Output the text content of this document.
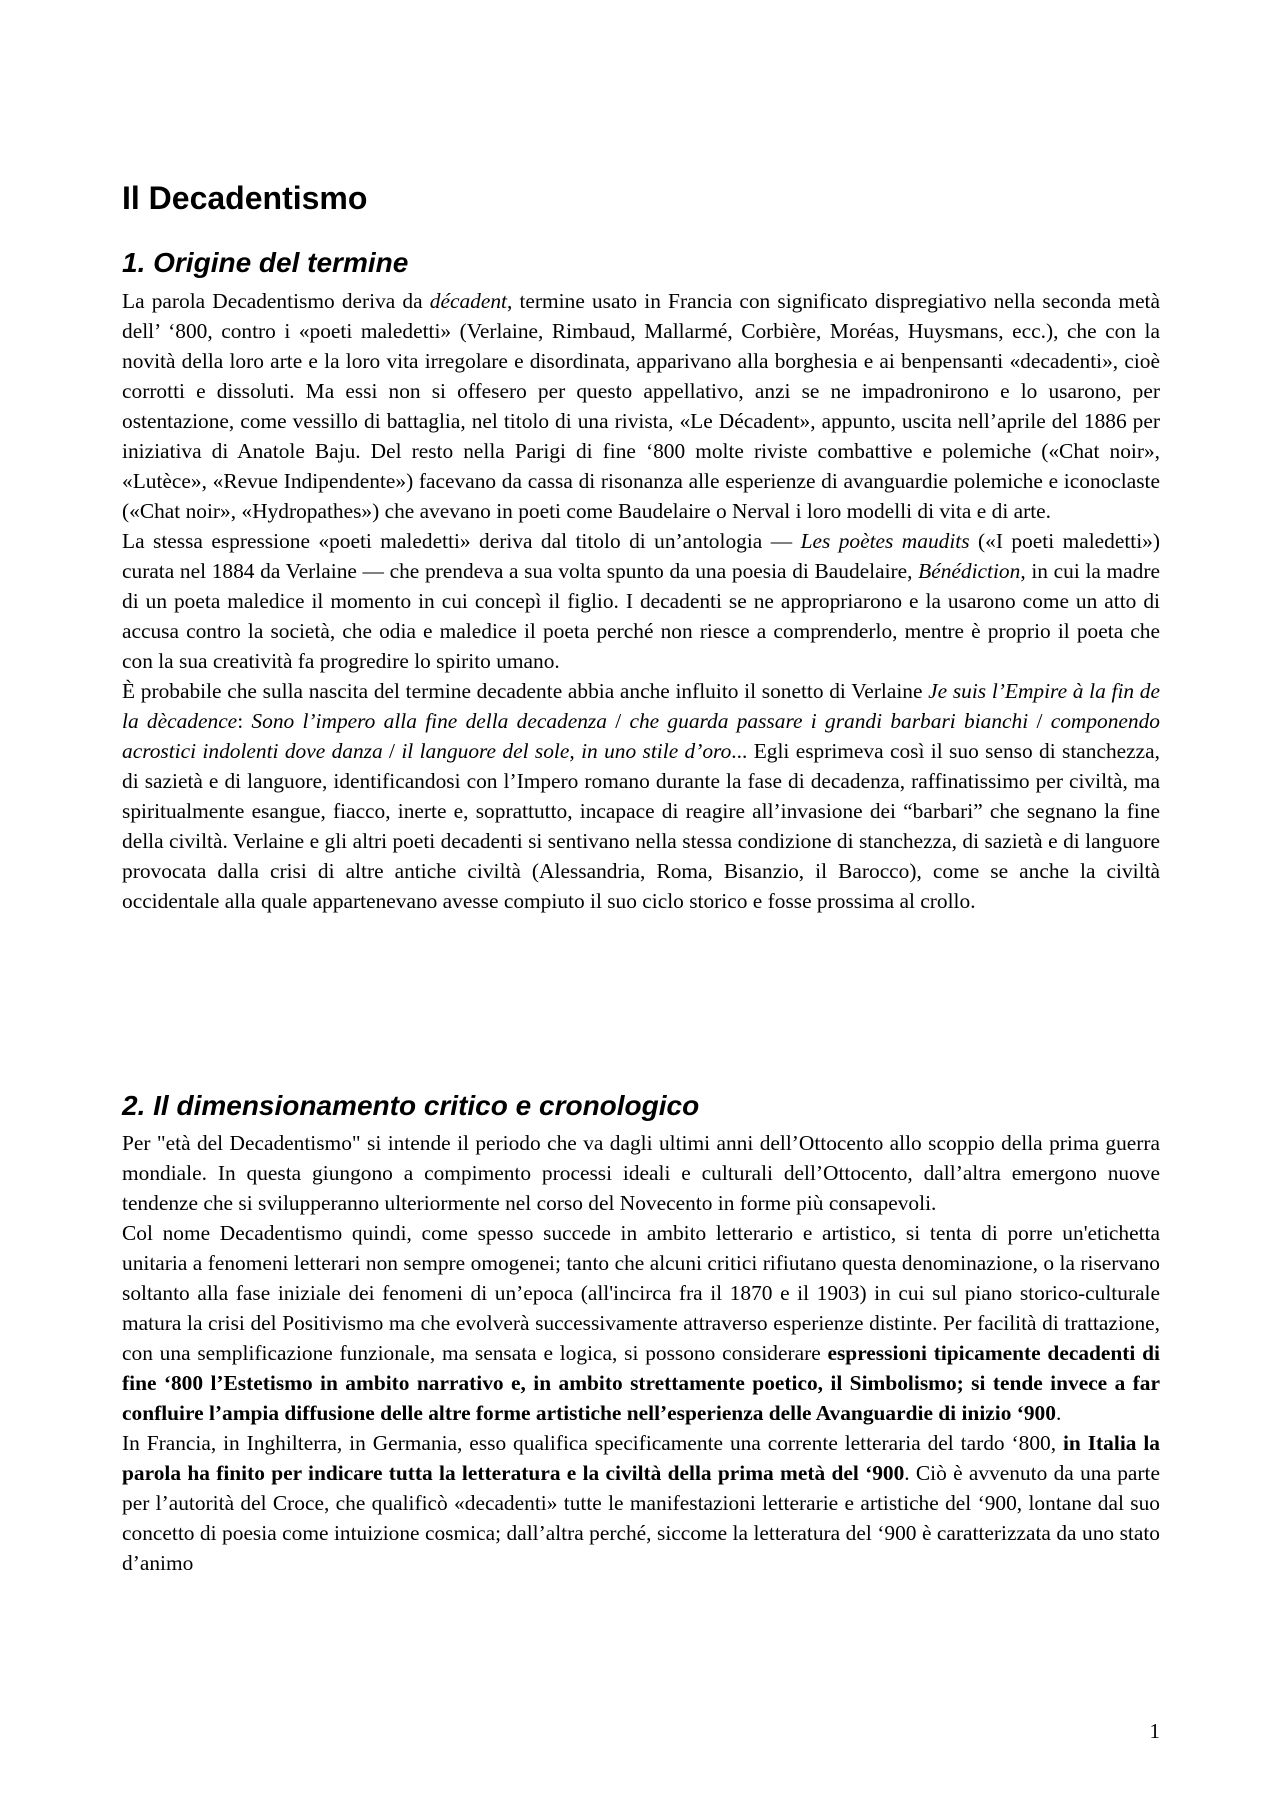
Il Decadentismo
1. Origine del termine

La parola Decadentismo deriva da décadent, termine usato in Francia con significato dispregiativo nella seconda metà dell’ ‘800, contro i «poeti maledetti» (Verlaine, Rimbaud, Mallarmé, Corbière, Moréas, Huysmans, ecc.), che con la novità della loro arte e la loro vita irregolare e disordinata, apparivano alla borghesia e ai benpensanti «decadenti», cioè corrotti e dissoluti. Ma essi non si offesero per questo appellativo, anzi se ne impadronirono e lo usarono, per ostentazione, come vessillo di battaglia, nel titolo di una rivista, «Le Décadent», appunto, uscita nell’aprile del 1886 per iniziativa di Anatole Baju. Del resto nella Parigi di fine ‘800 molte riviste combattive e polemiche («Chat noir», «Lutèce», «Revue Indipendente») facevano da cassa di risonanza alle esperienze di avanguardie polemiche e iconoclaste («Chat noir», «Hydropathes») che avevano in poeti come Baudelaire o Nerval i loro modelli di vita e di arte.

La stessa espressione «poeti maledetti» deriva dal titolo di un’antologia — Les poètes maudits («I poeti maledetti») curata nel 1884 da Verlaine — che prendeva a sua volta spunto da una poesia di Baudelaire, Bénédiction, in cui la madre di un poeta maledice il momento in cui concepì il figlio. I decadenti se ne appropriarono e la usarono come un atto di accusa contro la società, che odia e maledice il poeta perché non riesce a comprenderlo, mentre è proprio il poeta che con la sua creatività fa progredire lo spirito umano.

È probabile che sulla nascita del termine decadente abbia anche influito il sonetto di Verlaine Je suis l’Empire à la fin de la dècadence: Sono l’impero alla fine della decadenza / che guarda passare i grandi barbari bianchi / componendo acrostici indolenti dove danza / il languore del sole, in uno stile d’oro... Egli esprimeva così il suo senso di stanchezza, di sazietà e di languore, identificandosi con l’Impero romano durante la fase di decadenza, raffinatissimo per civiltà, ma spiritualmente esangue, fiacco, inerte e, soprattutto, incapace di reagire all’invasione dei “barbari” che segnano la fine della civiltà. Verlaine e gli altri poeti decadenti si sentivano nella stessa condizione di stanchezza, di sazietà e di languore provocata dalla crisi di altre antiche civiltà (Alessandria, Roma, Bisanzio, il Barocco), come se anche la civiltà occidentale alla quale appartenevano avesse compiuto il suo ciclo storico e fosse prossima al crollo.

2. Il dimensionamento critico e cronologico

Per "età del Decadentismo" si intende il periodo che va dagli ultimi anni dell’Ottocento allo scoppio della prima guerra mondiale. In questa giungono a compimento processi ideali e culturali dell’Ottocento, dall’altra emergono nuove tendenze che si svilupperanno ulteriormente nel corso del Novecento in forme più consapevoli.

Col nome Decadentismo quindi, come spesso succede in ambito letterario e artistico, si tenta di porre un'etichetta unitaria a fenomeni letterari non sempre omogenei; tanto che alcuni critici rifiutano questa denominazione, o la riservano soltanto alla fase iniziale dei fenomeni di un’epoca (all'incirca fra il 1870 e il 1903) in cui sul piano storico-culturale matura la crisi del Positivismo ma che evolverà successivamente attraverso esperienze distinte. Per facilità di trattazione, con una semplificazione funzionale, ma sensata e logica, si possono considerare espressioni tipicamente decadenti di fine ‘800 l’Estetismo in ambito narrativo e, in ambito strettamente poetico, il Simbolismo; si tende invece a far confluire l’ampia diffusione delle altre forme artistiche nell’esperienza delle Avanguardie di inizio ‘900.

In Francia, in Inghilterra, in Germania, esso qualifica specificamente una corrente letteraria del tardo ‘800, in Italia la parola ha finito per indicare tutta la letteratura e la civiltà della prima metà del ‘900. Ciò è avvenuto da una parte per l’autorità del Croce, che qualificò «decadenti» tutte le manifestazioni letterarie e artistiche del ‘900, lontane dal suo concetto di poesia come intuizione cosmica; dall’altra perché, siccome la letteratura del ‘900 è caratterizzata da uno stato d’animo

1
